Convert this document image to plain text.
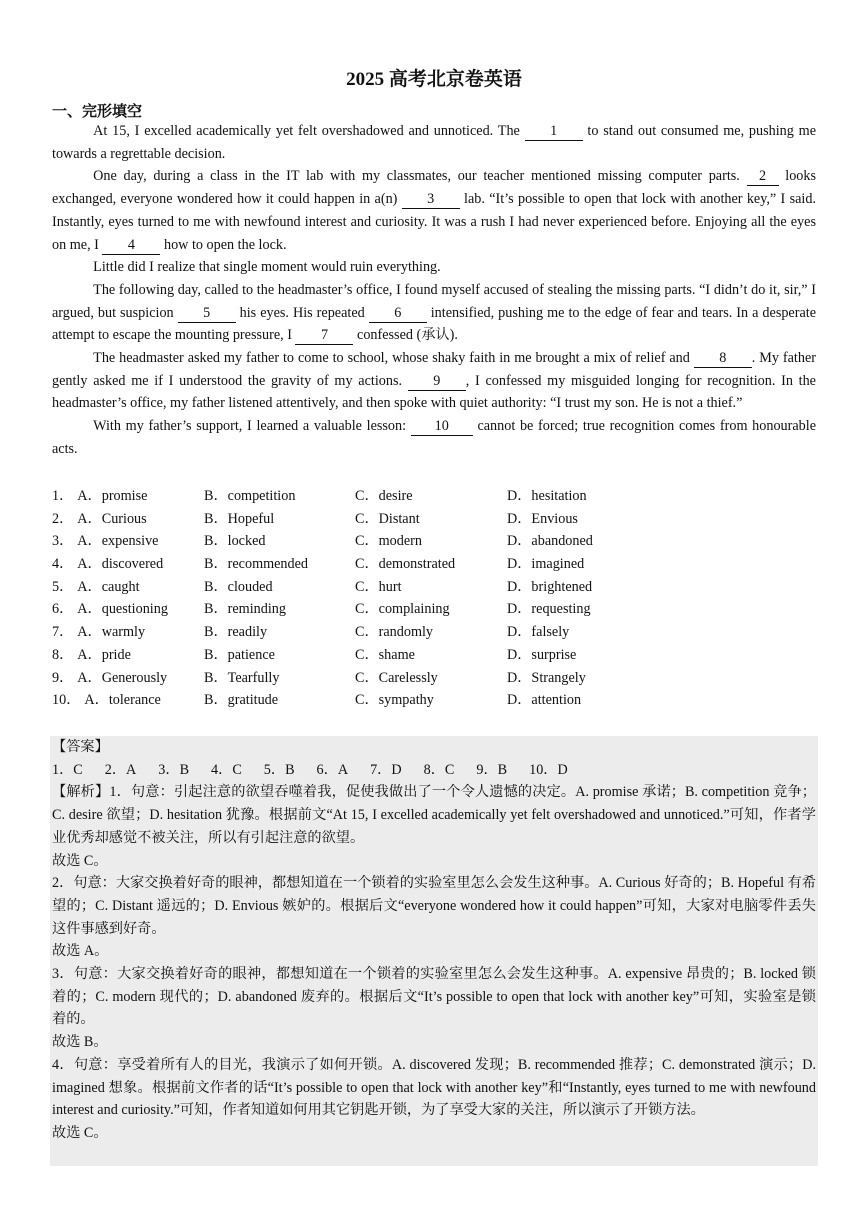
2025 高考北京卷英语
一、完形填空

At 15, I excelled academically yet felt overshadowed and unnoticed. The 1 to stand out consumed me, pushing me towards a regrettable decision.

One day, during a class in the IT lab with my classmates, our teacher mentioned missing computer parts. 2 looks exchanged, everyone wondered how it could happen in a(n) 3 lab. “It’s possible to open that lock with another key,” I said. Instantly, eyes turned to me with newfound interest and curiosity. It was a rush I had never experienced before. Enjoying all the eyes on me, I 4 how to open the lock.

Little did I realize that single moment would ruin everything.

The following day, called to the headmaster’s office, I found myself accused of stealing the missing parts. “I didn’t do it, sir,” I argued, but suspicion 5 his eyes. His repeated 6 intensified, pushing me to the edge of fear and tears. In a desperate attempt to escape the mounting pressure, I 7 confessed (承认).

The headmaster asked my father to come to school, whose shaky faith in me brought a mix of relief and 8 . My father gently asked me if I understood the gravity of my actions. 9 , I confessed my misguided longing for recognition. In the headmaster’s office, my father listened attentively, and then spoke with quiet authority: “I trust my son. He is not a thief.”

With my father’s support, I learned a valuable lesson: 10 cannot be forced; true recognition comes from honourable acts.

1． A．promise	B．competition	C．desire	D．hesitation
2． A．Curious	B．Hopeful	C．Distant	D．Envious
3． A．expensive	B．locked	C．modern	D．abandoned
4． A．discovered	B．recommended	C．demonstrated	D．imagined
5． A．caught	B．clouded	C．hurt	D．brightened
6． A．questioning	B．reminding	C．complaining	D．requesting
7． A．warmly	B．readily	C．randomly	D．falsely
8． A．pride	B．patience	C．shame	D．surprise
9． A．Generously	B．Tearfully	C．Carelessly	D．Strangely
10． A．tolerance	B．gratitude	C．sympathy	D．attention

【答案】

1．C 2．A 3．B 4．C 5．B 6．A 7．D 8．C 9．B 10．D

【解析】1．句意：引起注意的欲望吞噬着我，促使我做出了一个令人遗憾的决定。A. promise 承诺；B. competition 竞争；C. desire 欲望；D. hesitation 犹豫。根据前文“At 15, I excelled academically yet felt overshadowed and unnoticed.”可知，作者学业优秀却感觉不被关注，所以有引起注意的欲望。

故选 C。

2．句意：大家交换着好奇的眼神，都想知道在一个锁着的实验室里怎么会发生这种事。A. Curious 好奇的；B. Hopeful 有希望的；C. Distant 遥远的；D. Envious 嫉妒的。根据后文“everyone wondered how it could happen”可知，大家对电脑零件丢失这件事感到好奇。

故选 A。

3．句意：大家交换着好奇的眼神，都想知道在一个锁着的实验室里怎么会发生这种事。A. expensive 昂贵的；B. locked 锁着的；C. modern 现代的；D. abandoned 废弃的。根据后文“It’s possible to open that lock with another key”可知，实验室是锁着的。

故选 B。

4．句意：享受着所有人的目光，我演示了如何开锁。A. discovered 发现；B. recommended 推荐；C. demonstrated 演示；D. imagined 想象。根据前文作者的话“It’s possible to open that lock with another key”和“Instantly, eyes turned to me with newfound interest and curiosity.”可知，作者知道如何用其它钥匙开锁，为了享受大家的关注，所以演示了开锁方法。

故选 C。
